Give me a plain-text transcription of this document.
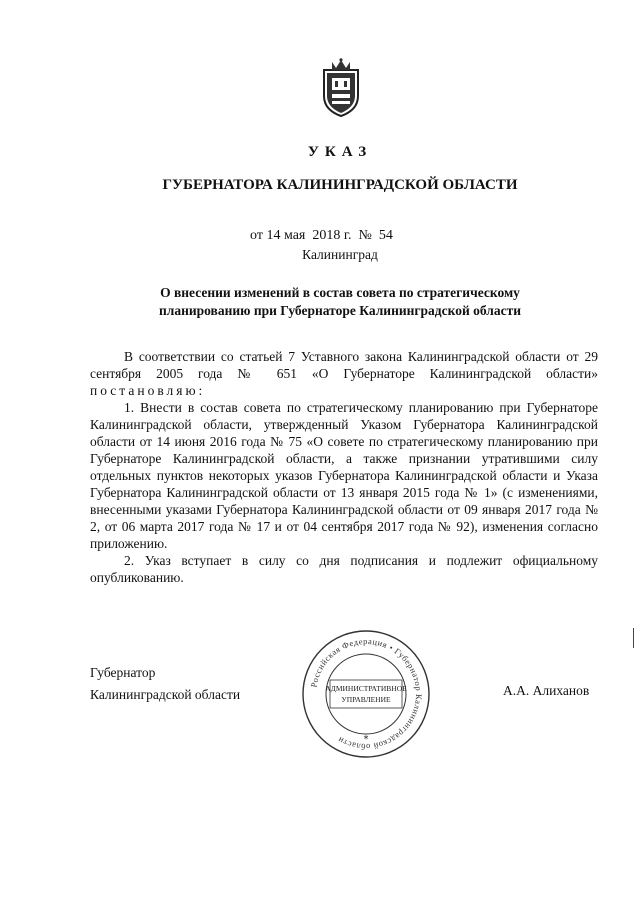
УКАЗ
ГУБЕРНАТОРА КАЛИНИНГРАДСКОЙ ОБЛАСТИ
от 14 мая 2018 г. № 54
Калининград
О внесении изменений в состав совета по стратегическому
планированию при Губернаторе Калининградской области

В соответствии со статьей 7 Уставного закона Калининградской области от 29 сентября 2005 года № 651 «О Губернаторе Калининградской области» постановляю:

1. Внести в состав совета по стратегическому планированию при Губернаторе Калининградской области, утвержденный Указом Губернатора Калининградской области от 14 июня 2016 года № 75 «О совете по стратегическому планированию при Губернаторе Калининградской области, а также признании утратившими силу отдельных пунктов некоторых указов Губернатора Калининградской области и Указа Губернатора Калининградской области от 13 января 2015 года № 1» (с изменениями, внесенными указами Губернатора Калининградской области от 09 января 2017 года № 2, от 06 марта 2017 года № 17 и от 04 сентября 2017 года № 92), изменения согласно приложению.

2. Указ вступает в силу со дня подписания и подлежит официальному опубликованию.

Губернатор
Калининградской области	А.А. Алиханов
Российская Федерация • Губернатор Калининградской области
АДМИНИСТРАТИВНОЕ
УПРАВЛЕНИЕ
*
